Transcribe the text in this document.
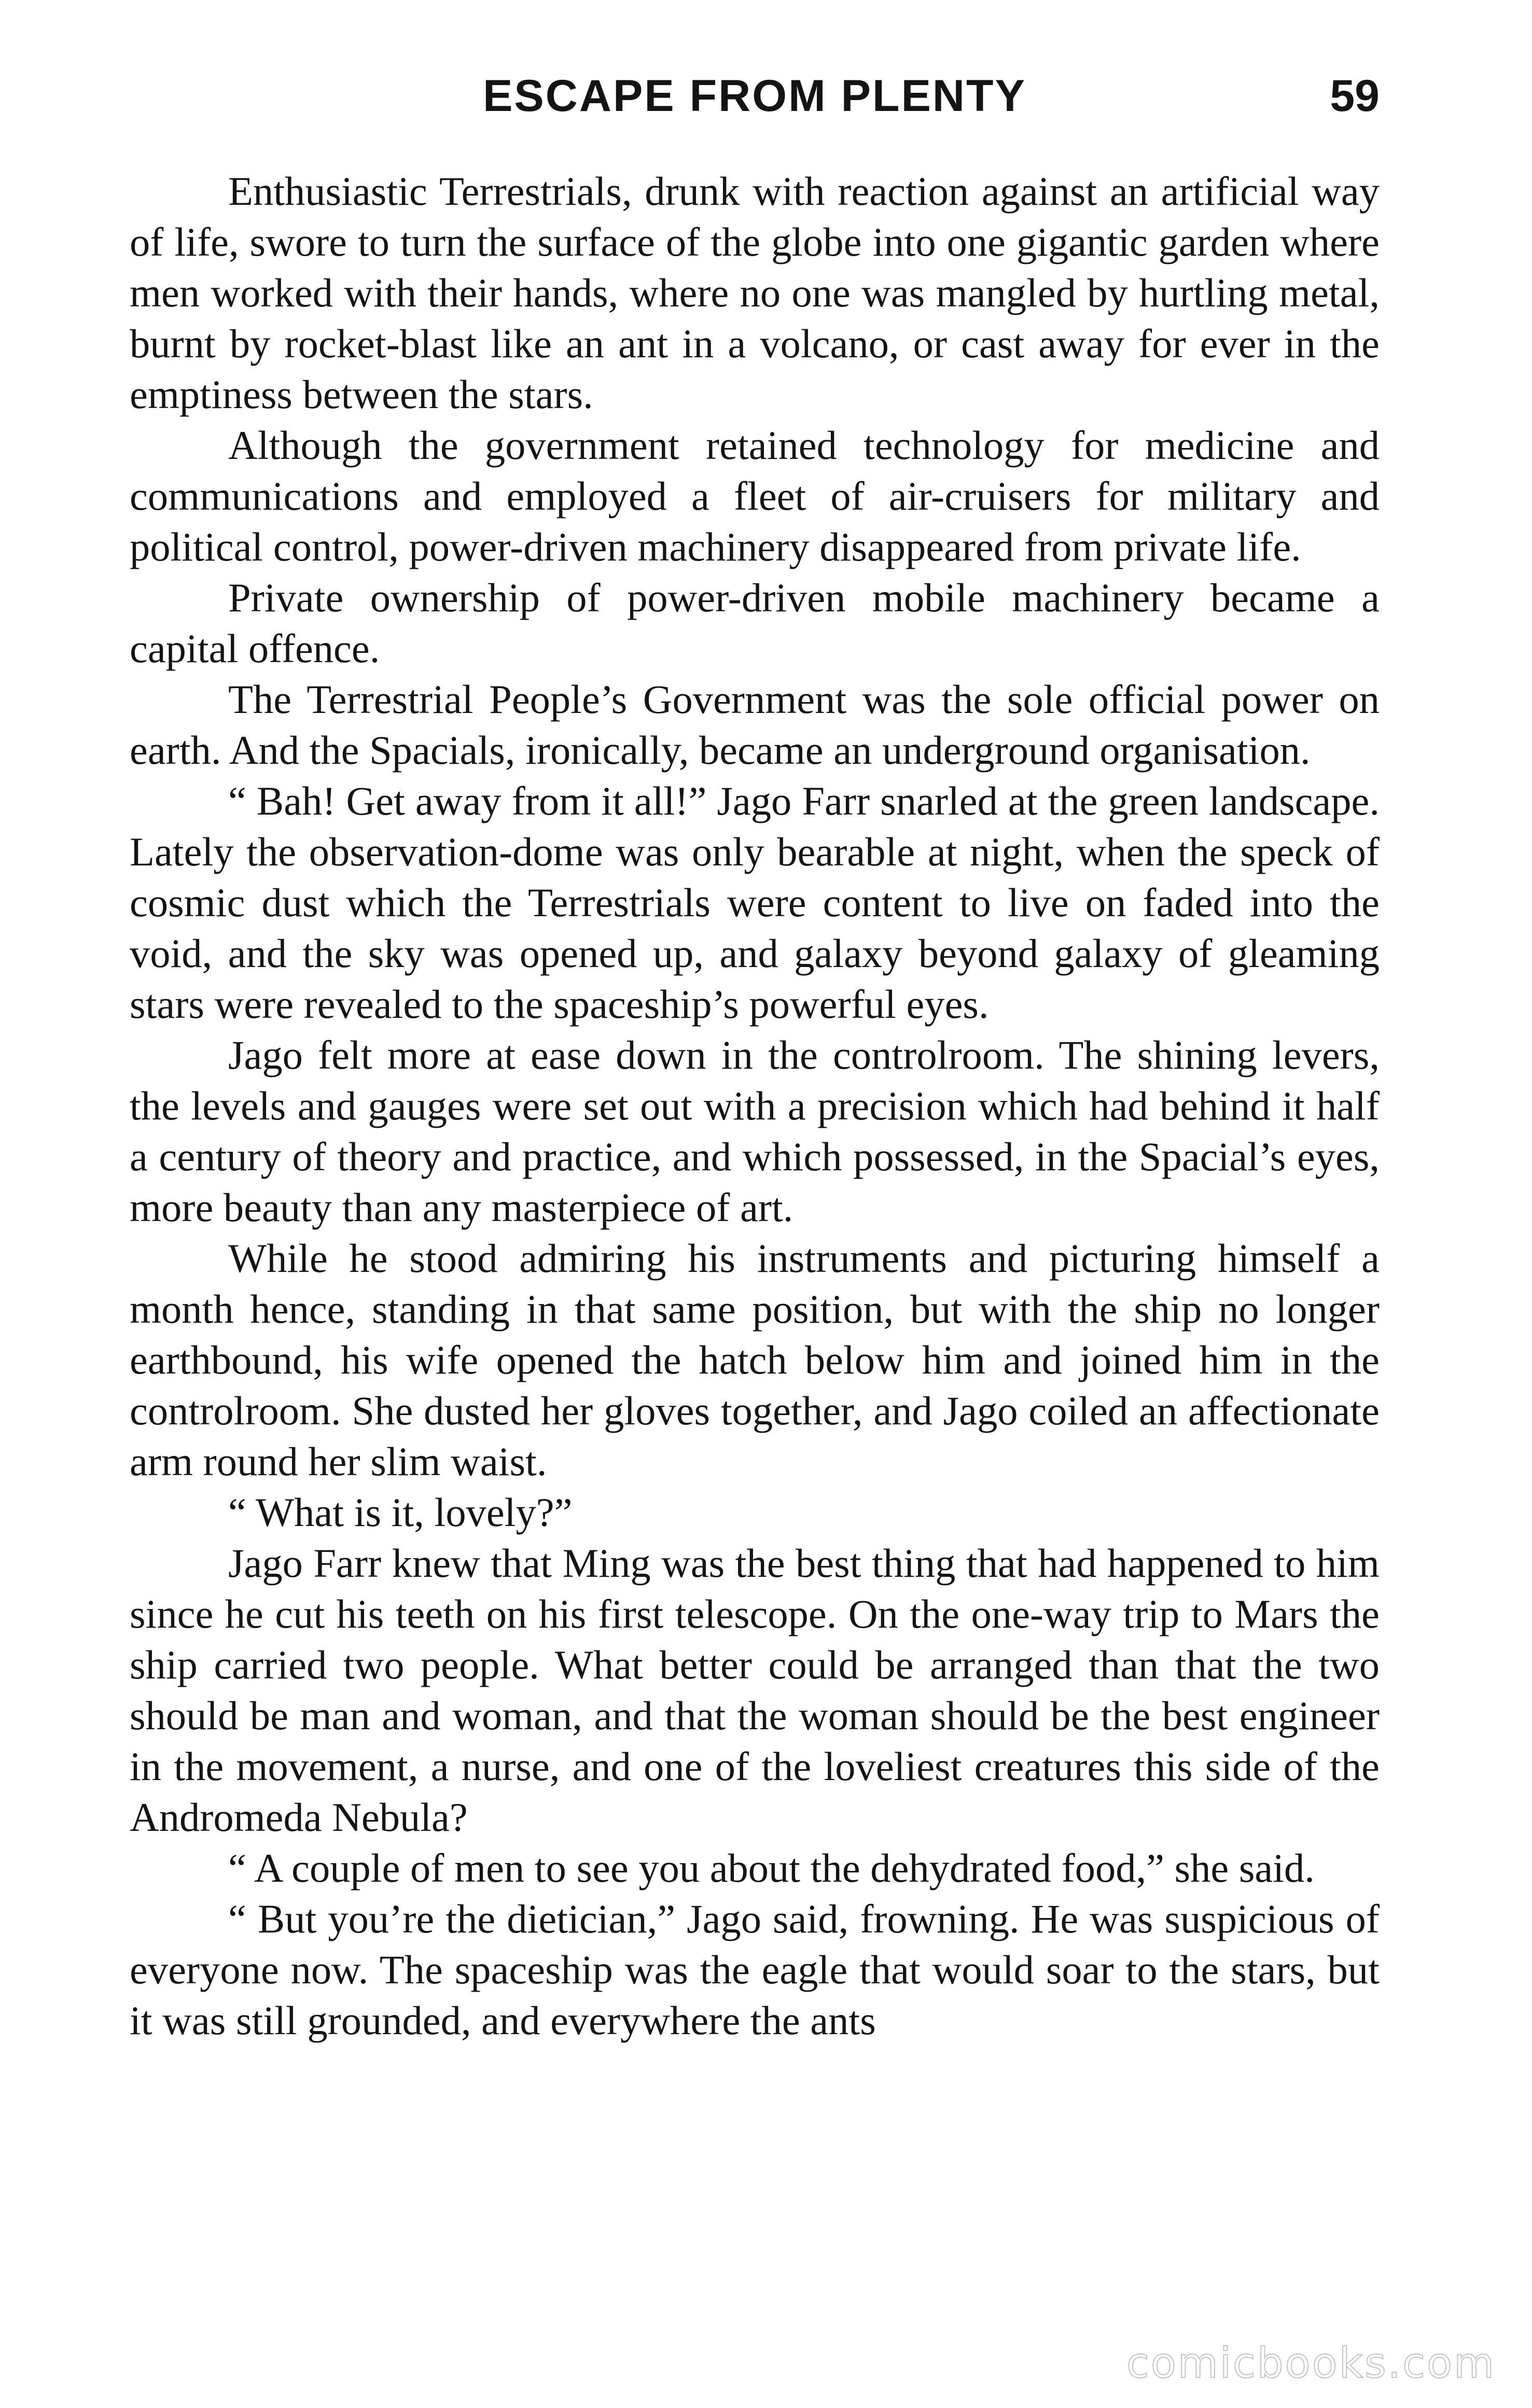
ESCAPE FROM PLENTY	59

Enthusiastic Terrestrials, drunk with reaction against an artificial way of life, swore to turn the surface of the globe into one gigantic garden where men worked with their hands, where no one was mangled by hurtling metal, burnt by rocket-blast like an ant in a volcano, or cast away for ever in the emptiness between the stars.

Although the government retained technology for medicine and communications and employed a fleet of air-cruisers for military and political control, power-driven machinery disappeared from private life.

Private ownership of power-driven mobile machinery became a capital offence.

The Terrestrial People’s Government was the sole official power on earth. And the Spacials, ironically, became an underground organisation.

“ Bah! Get away from it all!” Jago Farr snarled at the green landscape. Lately the observation-dome was only bearable at night, when the speck of cosmic dust which the Terrestrials were content to live on faded into the void, and the sky was opened up, and galaxy beyond galaxy of gleaming stars were revealed to the spaceship’s powerful eyes.

Jago felt more at ease down in the controlroom. The shining levers, the levels and gauges were set out with a precision which had behind it half a century of theory and practice, and which possessed, in the Spacial’s eyes, more beauty than any masterpiece of art.

While he stood admiring his instruments and picturing himself a month hence, standing in that same position, but with the ship no longer earthbound, his wife opened the hatch below him and joined him in the controlroom. She dusted her gloves together, and Jago coiled an affectionate arm round her slim waist.

“ What is it, lovely?”

Jago Farr knew that Ming was the best thing that had happened to him since he cut his teeth on his first telescope. On the one-way trip to Mars the ship carried two people. What better could be arranged than that the two should be man and woman, and that the woman should be the best engineer in the movement, a nurse, and one of the loveliest creatures this side of the Andromeda Nebula?

“ A couple of men to see you about the dehydrated food,” she said.

“ But you’re the dietician,” Jago said, frowning. He was suspicious of everyone now. The spaceship was the eagle that would soar to the stars, but it was still grounded, and everywhere the ants

comicbooks.com
